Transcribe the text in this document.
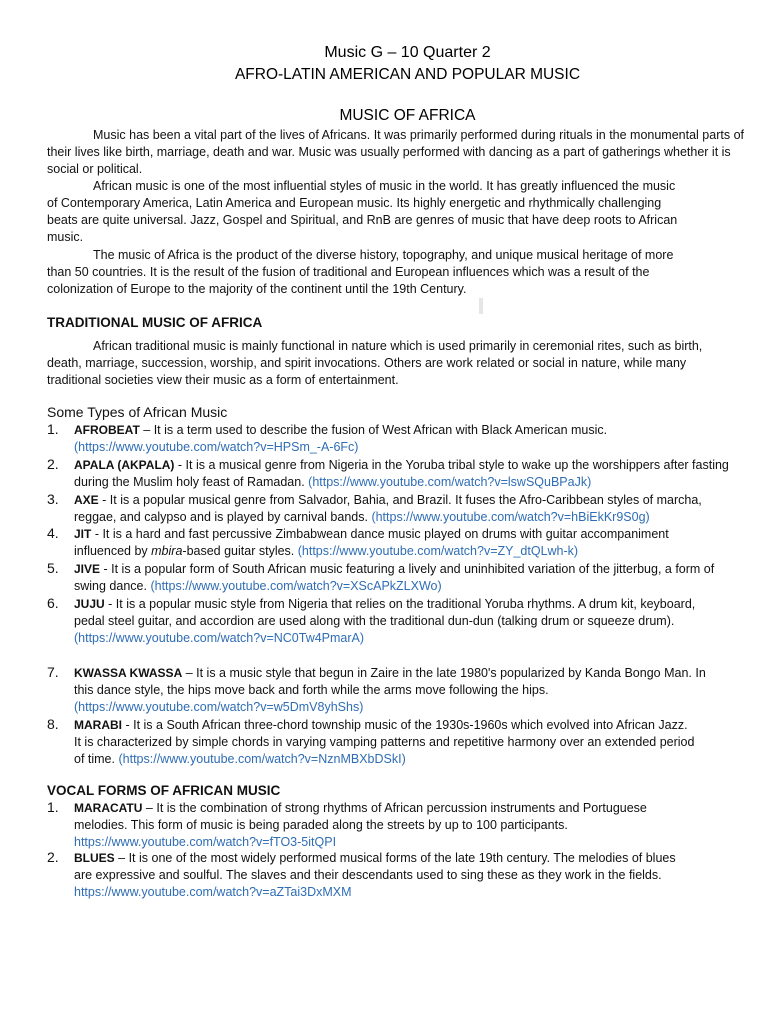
Music G – 10 Quarter 2
AFRO-LATIN AMERICAN AND POPULAR MUSIC
MUSIC OF AFRICA

Music has been a vital part of the lives of Africans. It was primarily performed during rituals in the monumental parts of their lives like birth, marriage, death and war. Music was usually performed with dancing as a part of gatherings whether it is social or political.

African music is one of the most influential styles of music in the world. It has greatly influenced the music of Contemporary America, Latin America and European music. Its highly energetic and rhythmically challenging beats are quite universal. Jazz, Gospel and Spiritual, and RnB are genres of music that have deep roots to African music.

The music of Africa is the product of the diverse history, topography, and unique musical heritage of more than 50 countries. It is the result of the fusion of traditional and European influences which was a result of the colonization of Europe to the majority of the continent until the 19th Century.

TRADITIONAL MUSIC OF AFRICA

African traditional music is mainly functional in nature which is used primarily in ceremonial rites, such as birth, death, marriage, succession, worship, and spirit invocations. Others are work related or social in nature, while many traditional societies view their music as a form of entertainment.

Some Types of African Music
1.	AFROBEAT – It is a term used to describe the fusion of West African with Black American music.
(https://www.youtube.com/watch?v=HPSm_-A-6Fc)
2.	APALA (AKPALA) - It is a musical genre from Nigeria in the Yoruba tribal style to wake up the worshippers after fasting during the Muslim holy feast of Ramadan. (https://www.youtube.com/watch?v=lswSQuBPaJk)
3.	AXE - It is a popular musical genre from Salvador, Bahia, and Brazil. It fuses the Afro-Caribbean styles of marcha, reggae, and calypso and is played by carnival bands. (https://www.youtube.com/watch?v=hBiEkKr9S0g)
4.	JIT - It is a hard and fast percussive Zimbabwean dance music played on drums with guitar accompaniment influenced by mbira-based guitar styles. (https://www.youtube.com/watch?v=ZY_dtQLwh-k)
5.	JIVE - It is a popular form of South African music featuring a lively and uninhibited variation of the jitterbug, a form of swing dance. (https://www.youtube.com/watch?v=XScAPkZLXWo)
6.	JUJU - It is a popular music style from Nigeria that relies on the traditional Yoruba rhythms. A drum kit, keyboard, pedal steel guitar, and accordion are used along with the traditional dun-dun (talking drum or squeeze drum).
(https://www.youtube.com/watch?v=NC0Tw4PmarA)
7.	KWASSA KWASSA – It is a music style that begun in Zaire in the late 1980's popularized by Kanda Bongo Man. In this dance style, the hips move back and forth while the arms move following the hips.
(https://www.youtube.com/watch?v=w5DmV8yhShs)
8.	MARABI - It is a South African three-chord township music of the 1930s-1960s which evolved into African Jazz. It is characterized by simple chords in varying vamping patterns and repetitive harmony over an extended period of time. (https://www.youtube.com/watch?v=NznMBXbDSkI)
VOCAL FORMS OF AFRICAN MUSIC
1.	MARACATU – It is the combination of strong rhythms of African percussion instruments and Portuguese melodies. This form of music is being paraded along the streets by up to 100 participants.
https://www.youtube.com/watch?v=fTO3-5itQPI
2.	BLUES – It is one of the most widely performed musical forms of the late 19th century. The melodies of blues are expressive and soulful. The slaves and their descendants used to sing these as they work in the fields.
https://www.youtube.com/watch?v=aZTai3DxMXM
